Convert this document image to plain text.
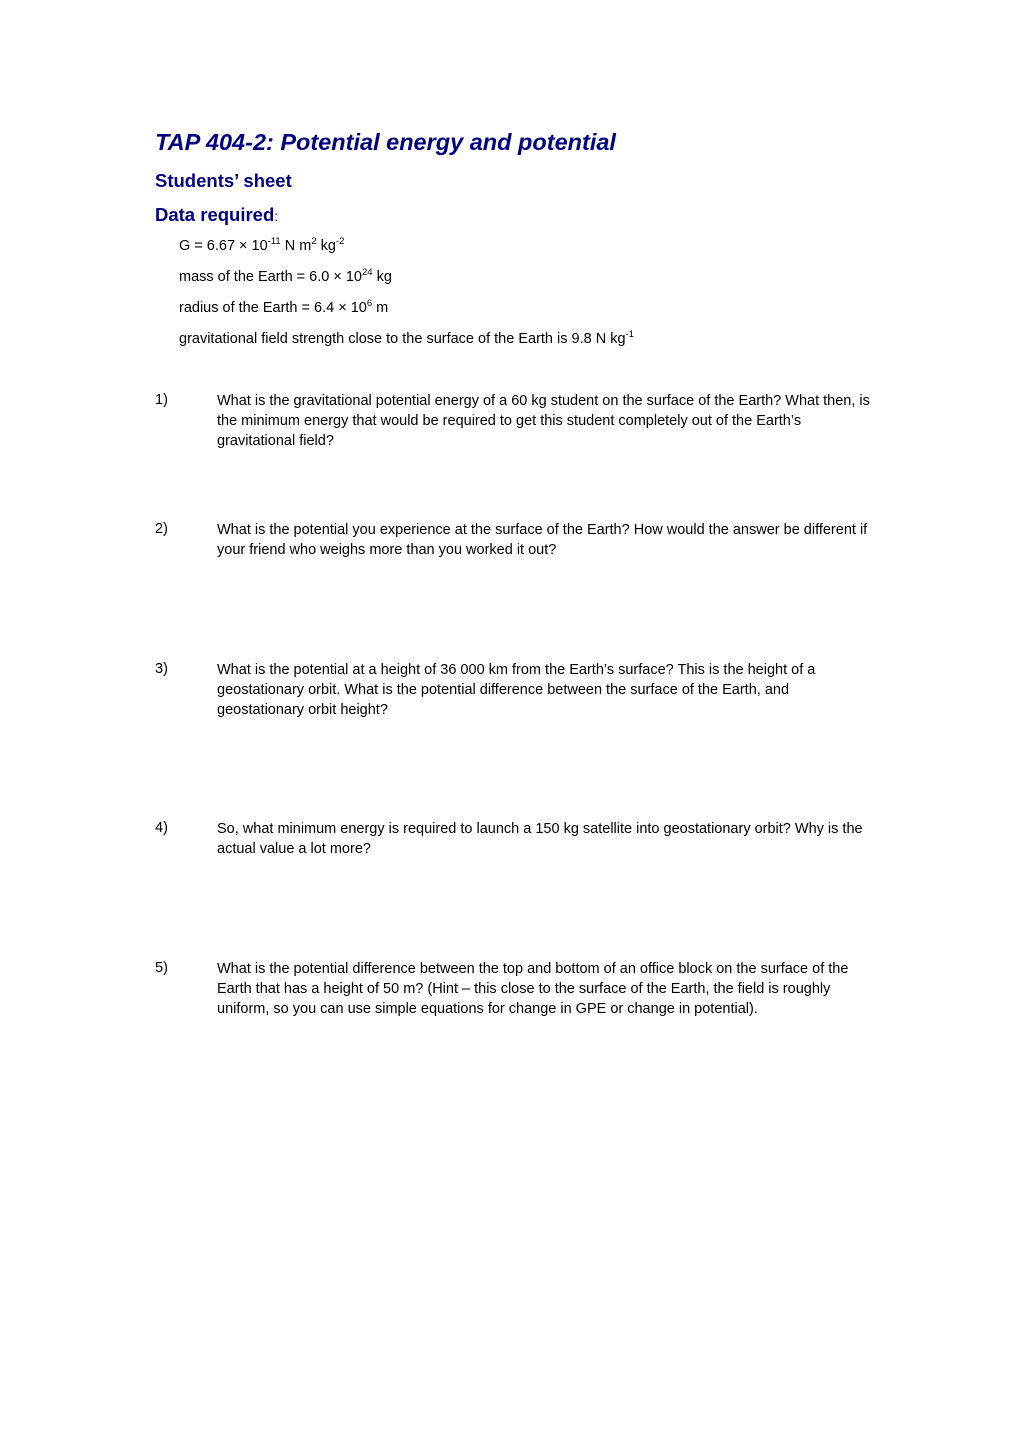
TAP 404-2: Potential energy and potential
Students’ sheet
Data required:
$G = 6.67 \times 10^{-11}$ N $m^2$ $kg^{-2}$
mass of the Earth = $6.0 \times 10^{24}$ kg
radius of the Earth = $6.4 \times 10^6$ m
gravitational field strength close to the surface of the Earth is 9.8 N $kg^{-1}$
1)	What is the gravitational potential energy of a 60 kg student on the surface of the Earth? What then, is the minimum energy that would be required to get this student completely out of the Earth’s gravitational field?
2)	What is the potential you experience at the surface of the Earth? How would the answer be different if your friend who weighs more than you worked it out?
3)	What is the potential at a height of 36 000 km from the Earth’s surface? This is the height of a geostationary orbit. What is the potential difference between the surface of the Earth, and geostationary orbit height?
4)	So, what minimum energy is required to launch a 150 kg satellite into geostationary orbit? Why is the actual value a lot more?
5)	What is the potential difference between the top and bottom of an office block on the surface of the Earth that has a height of 50 m? (Hint – this close to the surface of the Earth, the field is roughly uniform, so you can use simple equations for change in GPE or change in potential).
